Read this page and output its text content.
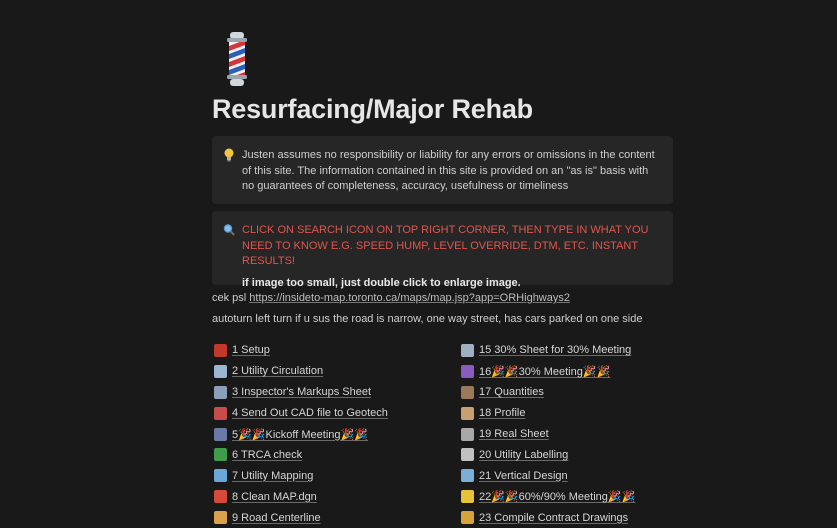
Resurfacing/Major Rehab
Justen assumes no responsibility or liability for any errors or omissions in the content of this site. The information contained in this site is provided on an "as is" basis with no guarantees of completeness, accuracy, usefulness or timeliness
CLICK ON SEARCH ICON ON TOP RIGHT CORNER, THEN TYPE IN WHAT YOU NEED TO KNOW E.G. SPEED HUMP, LEVEL OVERRIDE, DTM, ETC. INSTANT RESULTS!
if image too small, just double click to enlarge image.
cek psl https://insideto-map.toronto.ca/maps/map.jsp?app=ORHighways2
autoturn left turn if u sus the road is narrow, one way street, has cars parked on one side
1 Setup
2 Utility Circulation
3 Inspector's Markups Sheet
4 Send Out CAD file to Geotech
5🎉🎉Kickoff Meeting🎉🎉
6 TRCA check
7 Utility Mapping
8 Clean MAP.dgn
9 Road Centerline
15 30% Sheet for 30% Meeting
16🎉🎉30% Meeting🎉🎉
17 Quantities
18 Profile
19 Real Sheet
20 Utility Labelling
21 Vertical Design
22🎉🎉60%/90% Meeting🎉🎉
23 Compile Contract Drawings
